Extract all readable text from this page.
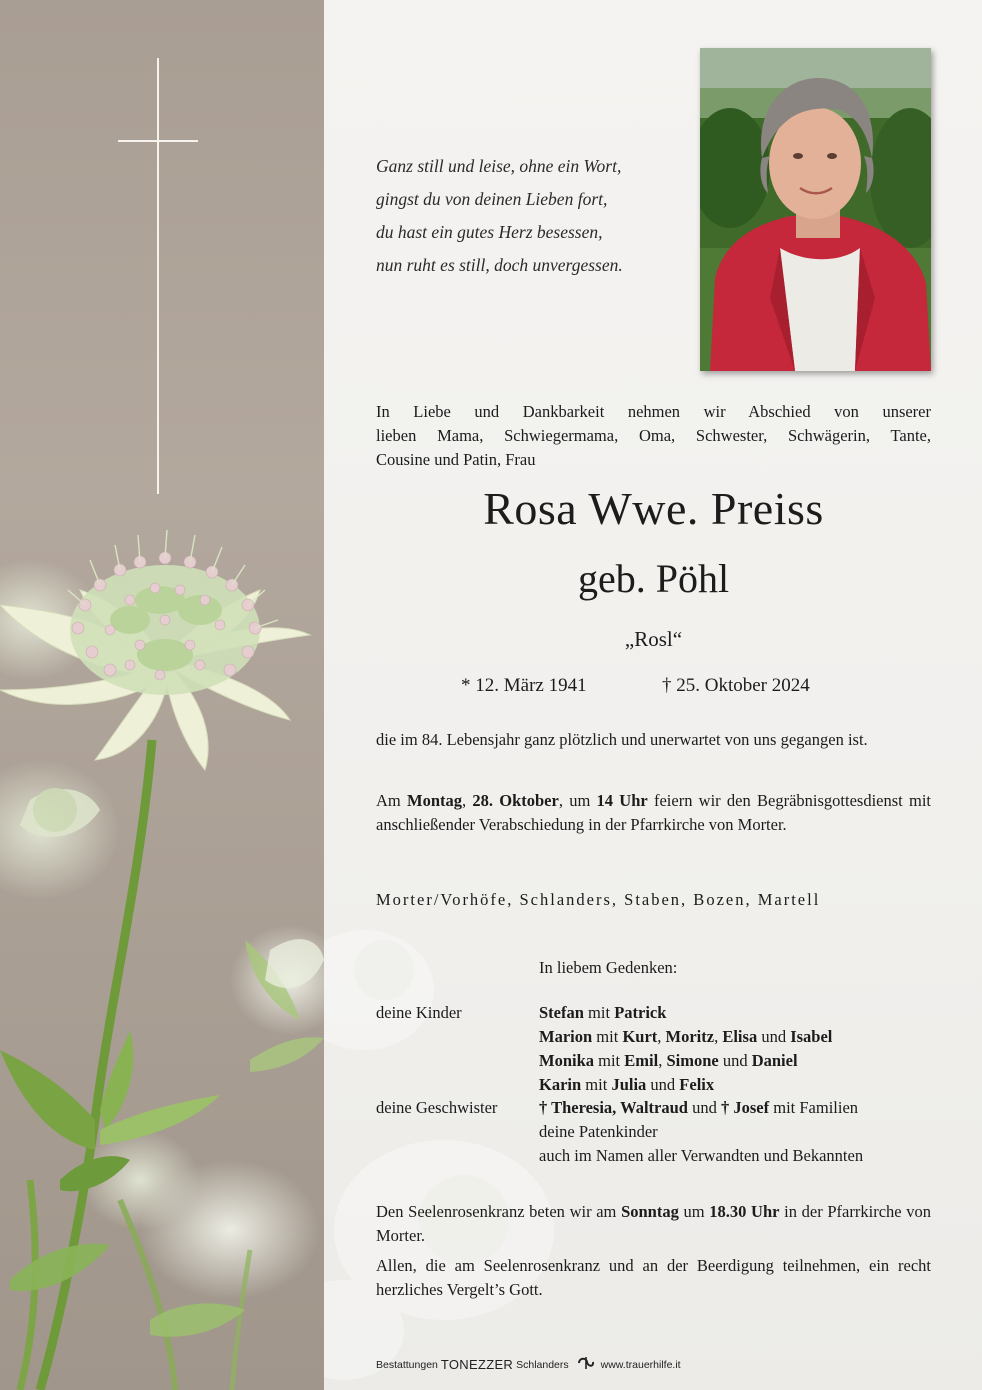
Ganz still und leise, ohne ein Wort,
gingst du von deinen Lieben fort,
du hast ein gutes Herz besessen,
nun ruht es still, doch unvergessen.
In Liebe und Dankbarkeit nehmen wir Abschied von unserer
lieben Mama, Schwiegermama, Oma, Schwester, Schwägerin, Tante,
Cousine und Patin, Frau
Rosa Wwe. Preiss
geb. Pöhl
„Rosl“
* 12. März 1941	† 25. Oktober 2024
die im 84. Lebensjahr ganz plötzlich und unerwartet von uns gegangen ist.
Am Montag, 28. Oktober, um 14 Uhr feiern wir den Begräbnisgottesdienst mit anschließender Verabschiedung in der Pfarrkirche von Morter.
Morter/Vorhöfe, Schlanders, Staben, Bozen, Martell
In liebem Gedenken:
deine Kinder	Stefan mit Patrick
Marion mit Kurt, Moritz, Elisa und Isabel
Monika mit Emil, Simone und Daniel
Karin mit Julia und Felix
deine Geschwister	† Theresia, Waltraud und † Josef mit Familien
deine Patenkinder
auch im Namen aller Verwandten und Bekannten
Den Seelenrosenkranz beten wir am Sonntag um 18.30 Uhr in der Pfarrkirche von Morter.
Allen, die am Seelenrosenkranz und an der Beerdigung teilnehmen, ein recht herzliches Vergelt’s Gott.
Bestattungen TONEZZER Schlanders	www.trauerhilfe.it
